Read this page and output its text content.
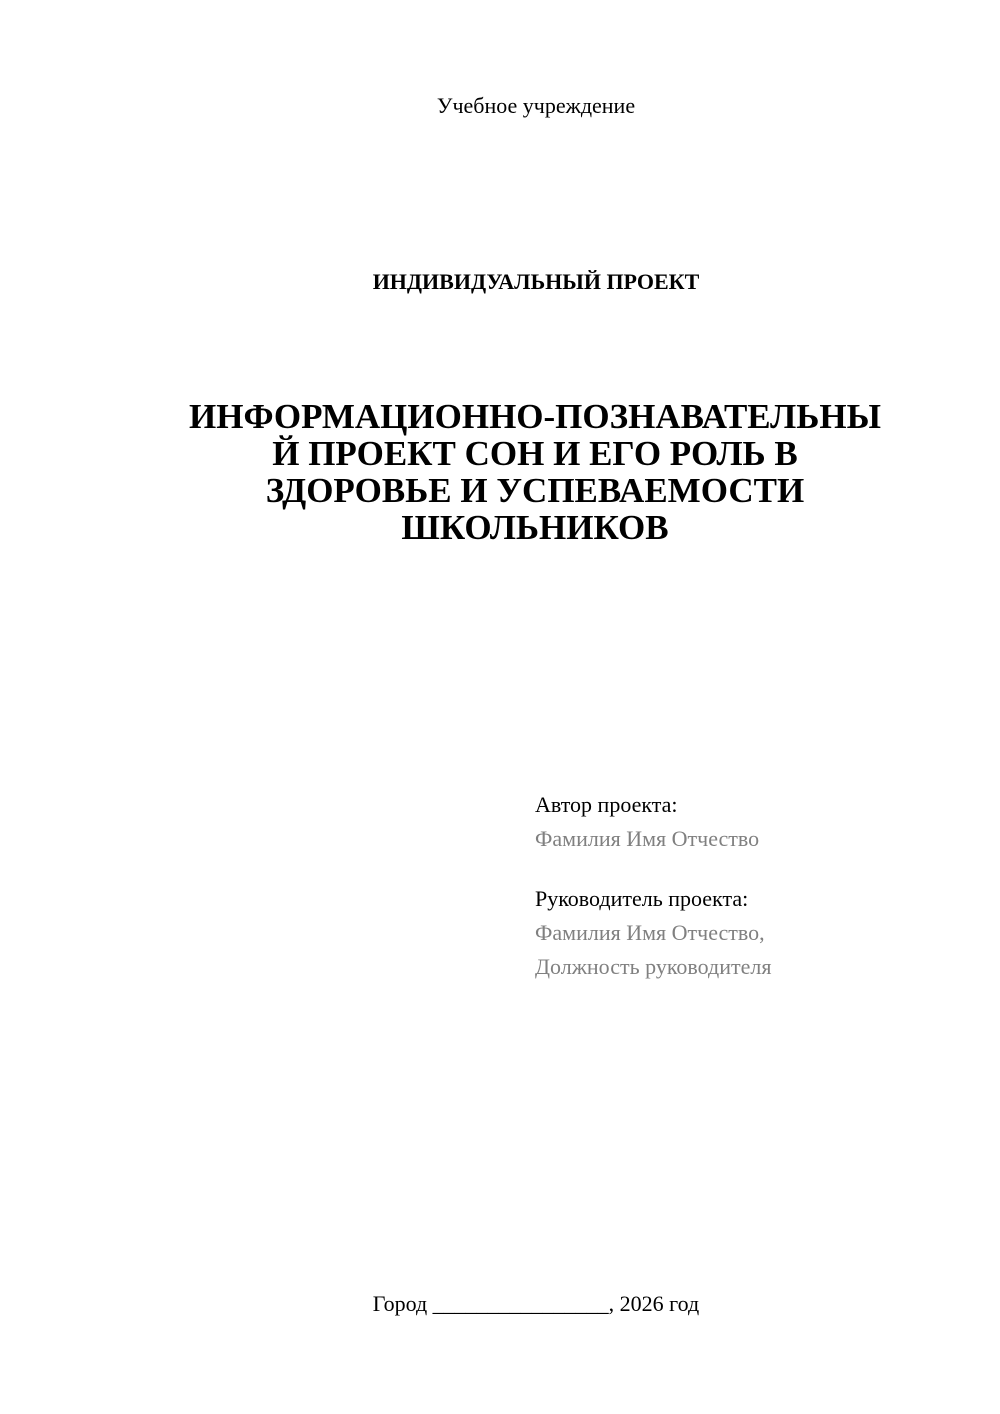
Учебное учреждение
ИНДИВИДУАЛЬНЫЙ ПРОЕКТ
ИНФОРМАЦИОННО-ПОЗНАВАТЕЛЬНЫ
Й ПРОЕКТ СОН И ЕГО РОЛЬ В
ЗДОРОВЬЕ И УСПЕВАЕМОСТИ
ШКОЛЬНИКОВ
Автор проекта:
Фамилия Имя Отчество
Руководитель проекта:
Фамилия Имя Отчество,
Должность руководителя
Город ________________, 2026 год
